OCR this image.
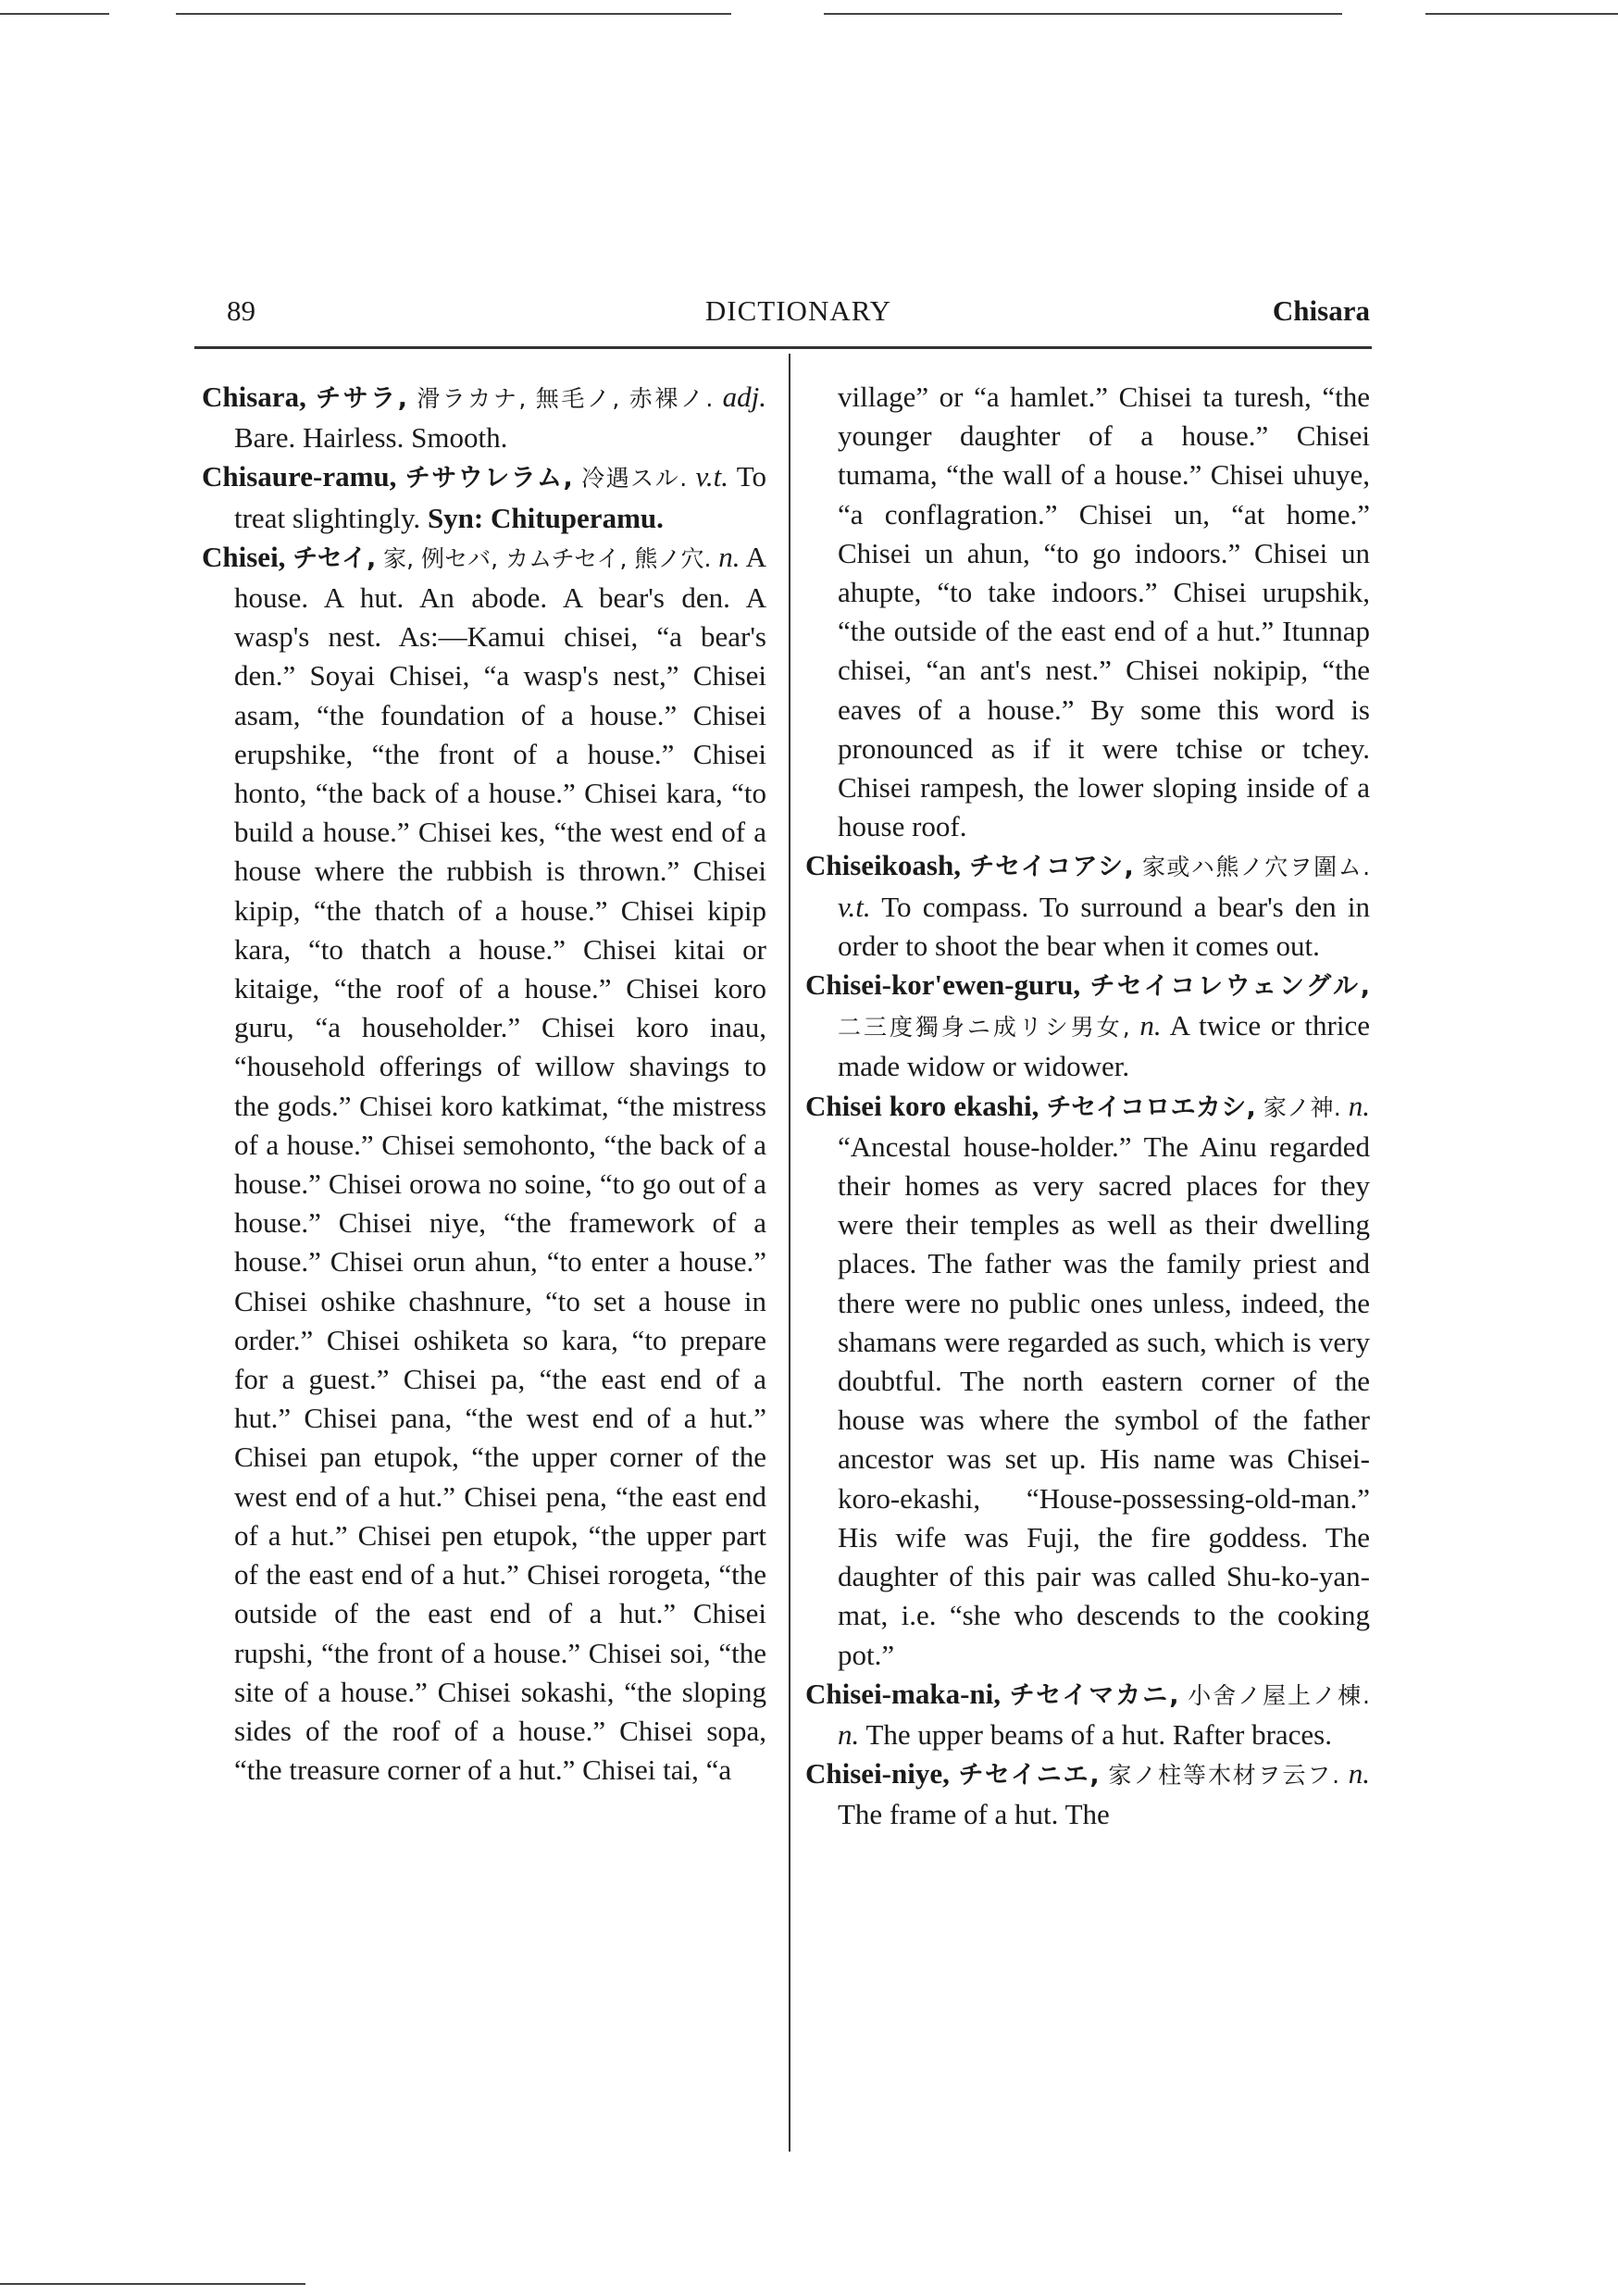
89	DICTIONARY	Chisara

Chisara, チサラ, 滑ラカナ, 無毛ノ, 赤裸ノ. adj. Bare. Hairless. Smooth.

Chisaure-ramu, チサウレラム, 冷遇スル. v.t. To treat slightingly. Syn: Chituperamu.

Chisei, チセイ, 家, 例セバ, カムチセイ, 熊ノ穴. n. A house. A hut. An abode. A bear's den. A wasp's nest. As:—Kamui chisei, “a bear's den.” Soyai Chisei, “a wasp's nest,” Chisei asam, “the foundation of a house.” Chisei erupshike, “the front of a house.” Chisei honto, “the back of a house.” Chisei kara, “to build a house.” Chisei kes, “the west end of a house where the rubbish is thrown.” Chisei kipip, “the thatch of a house.” Chisei kipip kara, “to thatch a house.” Chisei kitai or kitaige, “the roof of a house.” Chisei koro guru, “a householder.” Chisei koro inau, “household offerings of willow shavings to the gods.” Chisei koro katkimat, “the mistress of a house.” Chisei semohonto, “the back of a house.” Chisei orowa no soine, “to go out of a house.” Chisei niye, “the framework of a house.” Chisei orun ahun, “to enter a house.” Chisei oshike chashnure, “to set a house in order.” Chisei oshiketa so kara, “to prepare for a guest.” Chisei pa, “the east end of a hut.” Chisei pana, “the west end of a hut.” Chisei pan etupok, “the upper corner of the west end of a hut.” Chisei pena, “the east end of a hut.” Chisei pen etupok, “the upper part of the east end of a hut.” Chisei rorogeta, “the outside of the east end of a hut.” Chisei rupshi, “the front of a house.” Chisei soi, “the site of a house.” Chisei sokashi, “the sloping sides of the roof of a house.” Chisei sopa, “the treasure corner of a hut.” Chisei tai, “a

village” or “a hamlet.” Chisei ta turesh, “the younger daughter of a house.” Chisei tumama, “the wall of a house.” Chisei uhuye, “a conflagration.” Chisei un, “at home.” Chisei un ahun, “to go indoors.” Chisei un ahupte, “to take indoors.” Chisei urupshik, “the outside of the east end of a hut.” Itunnap chisei, “an ant's nest.” Chisei nokipip, “the eaves of a house.” By some this word is pronounced as if it were tchise or tchey. Chisei rampesh, the lower sloping inside of a house roof.

Chiseikoash, チセイコアシ, 家或ハ熊ノ穴ヲ圍ム. v.t. To compass. To surround a bear's den in order to shoot the bear when it comes out.

Chisei-kor'ewen-guru, チセイコレウェングル, 二三度獨身ニ成リシ男女, n. A twice or thrice made widow or widower.

Chisei koro ekashi, チセイコロエカシ, 家ノ神. n. “Ancestal house-holder.” The Ainu regarded their homes as very sacred places for they were their temples as well as their dwelling places. The father was the family priest and there were no public ones unless, indeed, the shamans were regarded as such, which is very doubtful. The north eastern corner of the house was where the symbol of the father ancestor was set up. His name was Chisei-koro-ekashi, “House-possessing-old-man.” His wife was Fuji, the fire goddess. The daughter of this pair was called Shu-ko-yan-mat, i.e. “she who descends to the cooking pot.”

Chisei-maka-ni, チセイマカニ, 小舍ノ屋上ノ棟. n. The upper beams of a hut. Rafter braces.

Chisei-niye, チセイニエ, 家ノ柱等木材ヲ云フ. n. The frame of a hut. The
